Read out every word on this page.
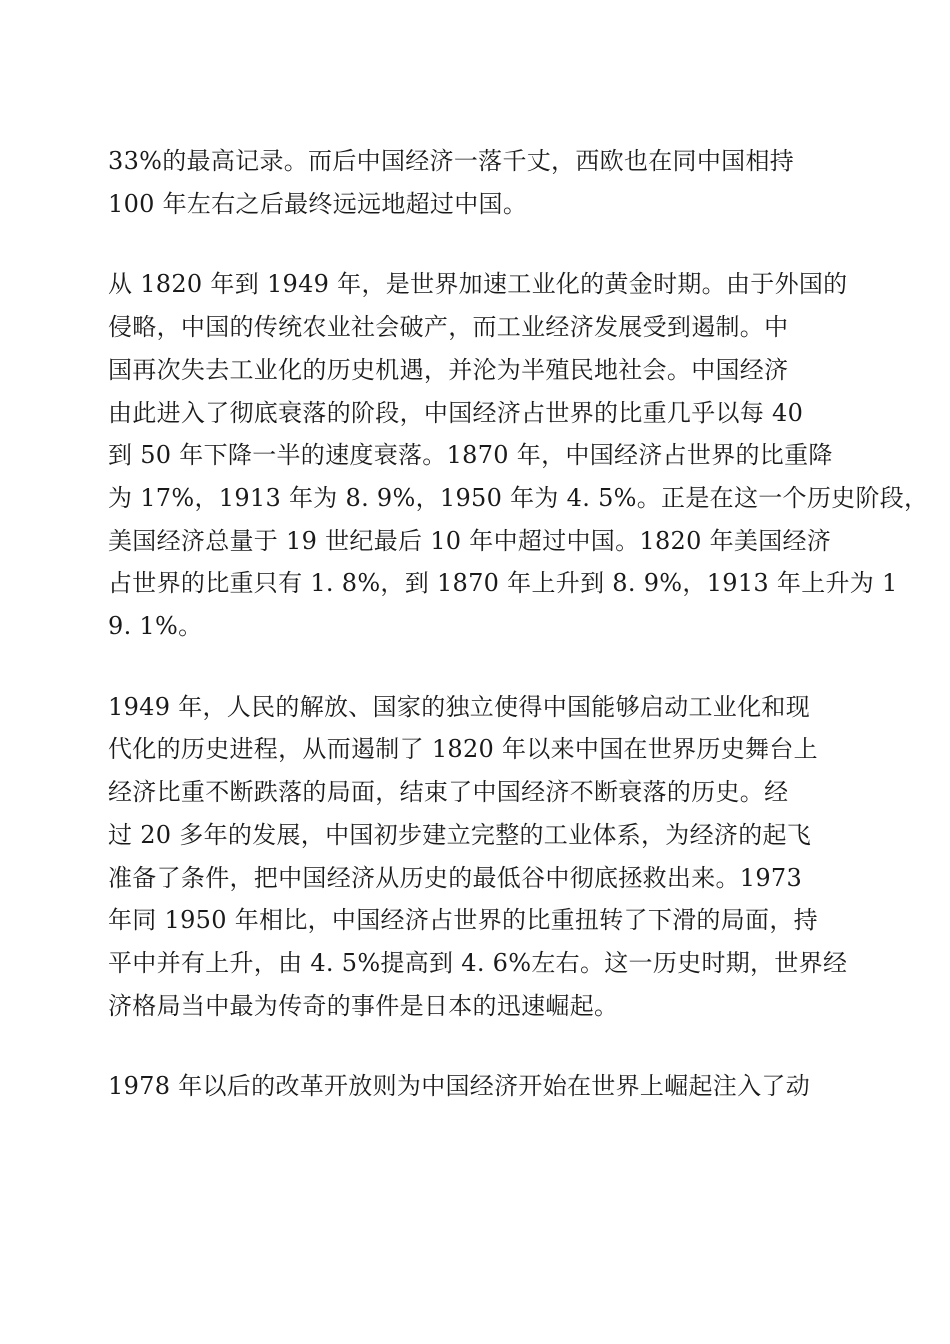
33%的最高记录。而后中国经济一落千丈，西欧也在同中国相持
100 年左右之后最终远远地超过中国。

从 1820 年到 1949 年，是世界加速工业化的黄金时期。由于外国的
侵略，中国的传统农业社会破产，而工业经济发展受到遏制。中
国再次失去工业化的历史机遇，并沦为半殖民地社会。中国经济
由此进入了彻底衰落的阶段，中国经济占世界的比重几乎以每 40
到 50 年下降一半的速度衰落。1870 年，中国经济占世界的比重降
为 17%，1913 年为 8. 9%，1950 年为 4. 5%。正是在这一个历史阶段，
美国经济总量于 19 世纪最后 10 年中超过中国。1820 年美国经济
占世界的比重只有 1. 8%，到 1870 年上升到 8. 9%，1913 年上升为 1
9. 1%。

1949 年，人民的解放、国家的独立使得中国能够启动工业化和现
代化的历史进程，从而遏制了 1820 年以来中国在世界历史舞台上
经济比重不断跌落的局面，结束了中国经济不断衰落的历史。经
过 20 多年的发展，中国初步建立完整的工业体系，为经济的起飞
准备了条件，把中国经济从历史的最低谷中彻底拯救出来。1973
年同 1950 年相比，中国经济占世界的比重扭转了下滑的局面，持
平中并有上升，由 4. 5%提高到 4. 6%左右。这一历史时期，世界经
济格局当中最为传奇的事件是日本的迅速崛起。

1978 年以后的改革开放则为中国经济开始在世界上崛起注入了动
